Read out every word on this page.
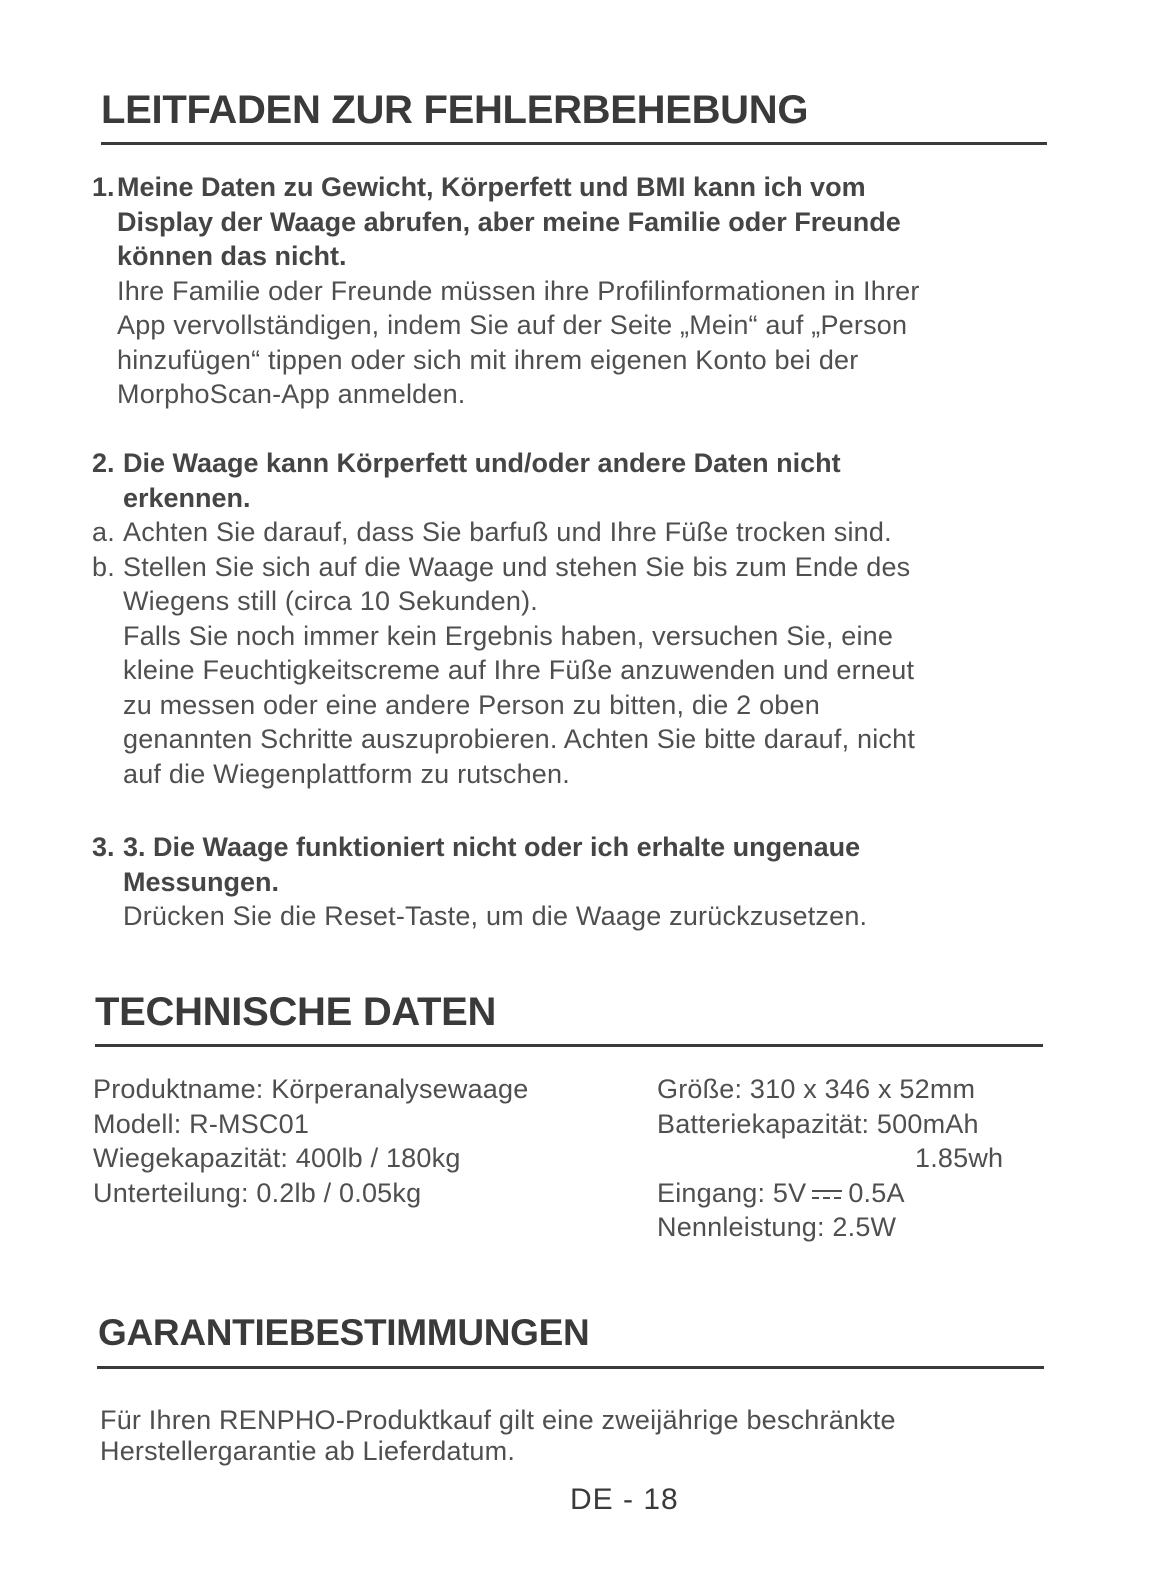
LEITFADEN ZUR FEHLERBEHEBUNG
1. Meine Daten zu Gewicht, Körperfett und BMI kann ich vom
Display der Waage abrufen, aber meine Familie oder Freunde
können das nicht.
Ihre Familie oder Freunde müssen ihre Profilinformationen in Ihrer
App vervollständigen, indem Sie auf der Seite „Mein“ auf „Person
hinzufügen“ tippen oder sich mit ihrem eigenen Konto bei der
MorphoScan-App anmelden.
2. Die Waage kann Körperfett und/oder andere Daten nicht
erkennen.
a. Achten Sie darauf, dass Sie barfuß und Ihre Füße trocken sind.
b. Stellen Sie sich auf die Waage und stehen Sie bis zum Ende des
Wiegens still (circa 10 Sekunden).
Falls Sie noch immer kein Ergebnis haben, versuchen Sie, eine
kleine Feuchtigkeitscreme auf Ihre Füße anzuwenden und erneut
zu messen oder eine andere Person zu bitten, die 2 oben
genannten Schritte auszuprobieren. Achten Sie bitte darauf, nicht
auf die Wiegenplattform zu rutschen.
3. 3. Die Waage funktioniert nicht oder ich erhalte ungenaue
Messungen.
Drücken Sie die Reset-Taste, um die Waage zurückzusetzen.
TECHNISCHE DATEN
Produktname: Körperanalysewaage
Modell: R-MSC01
Wiegekapazität: 400lb / 180kg
Unterteilung: 0.2lb / 0.05kg
Größe: 310 x 346 x 52mm
Batteriekapazität: 500mAh
1.85wh
Eingang: 5V 0.5A
Nennleistung: 2.5W
GARANTIEBESTIMMUNGEN
Für Ihren RENPHO-Produktkauf gilt eine zweijährige beschränkte
Herstellergarantie ab Lieferdatum.
DE - 18
